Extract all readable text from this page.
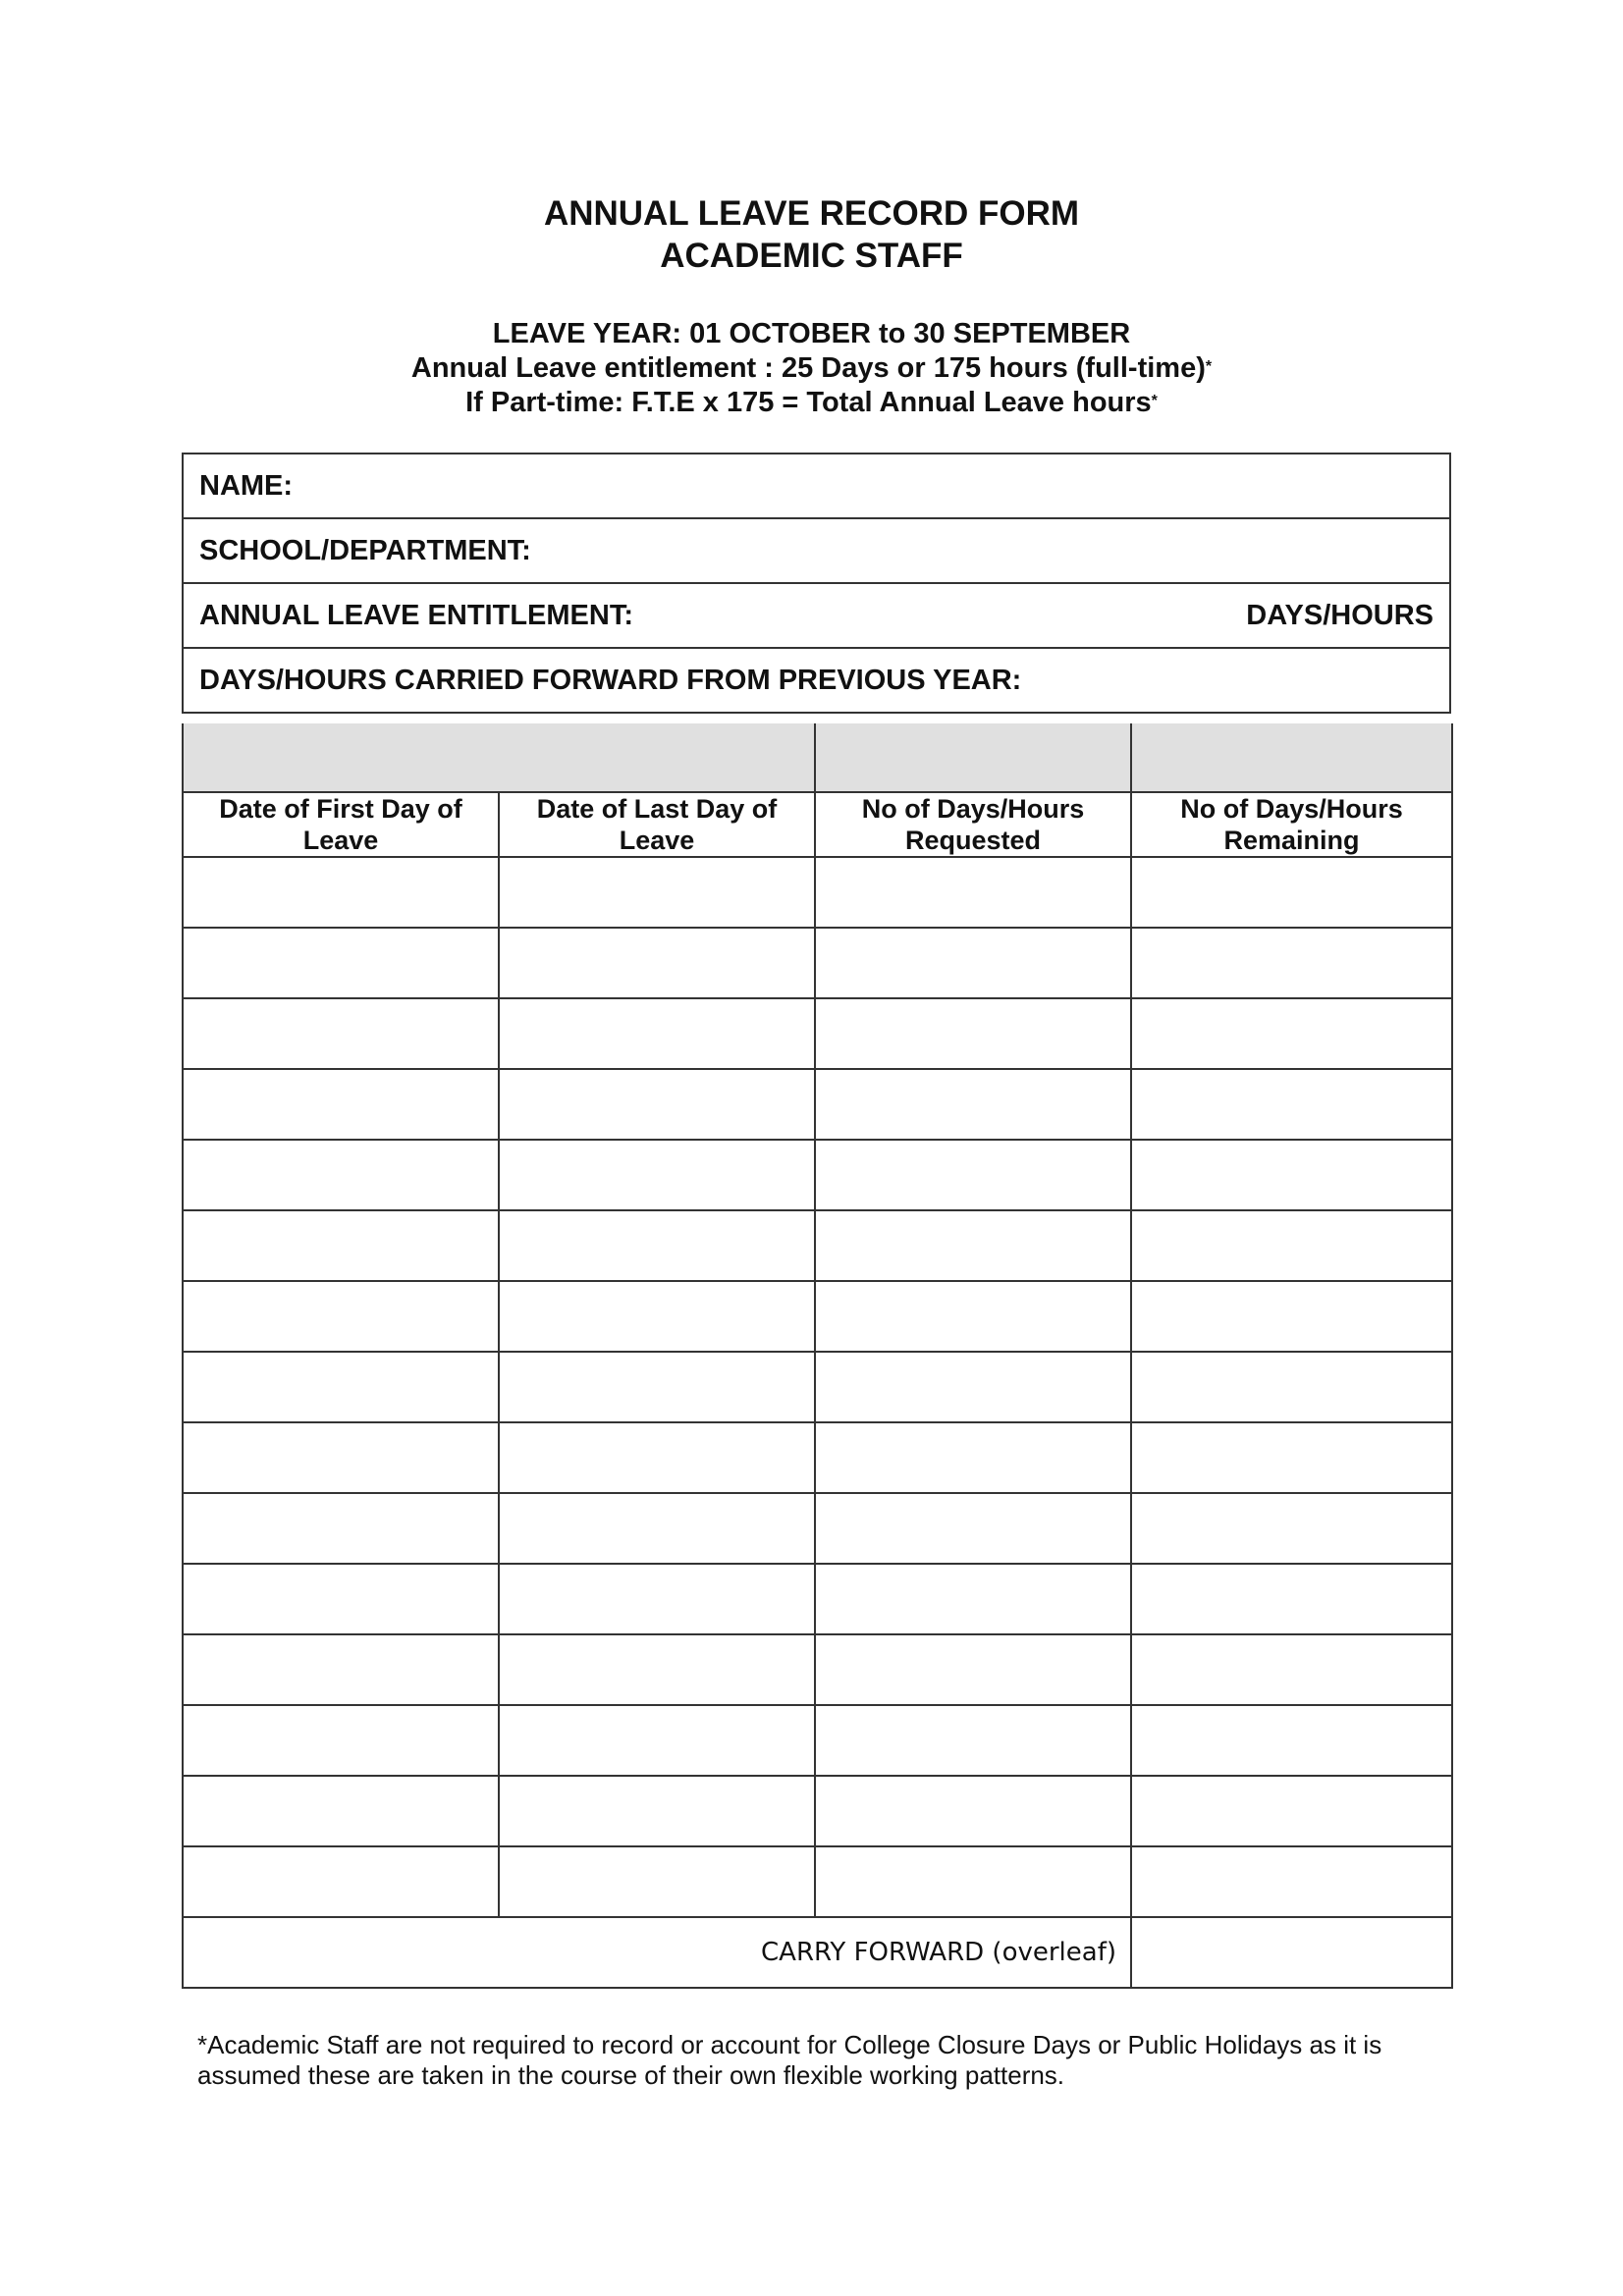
ANNUAL LEAVE RECORD FORM
ACADEMIC STAFF
LEAVE YEAR: 01 OCTOBER to 30 SEPTEMBER
Annual Leave entitlement : 25 Days or 175 hours (full-time)*
If Part-time: F.T.E x 175 = Total Annual Leave hours*
NAME:
SCHOOL/DEPARTMENT:
ANNUAL LEAVE ENTITLEMENT:	DAYS/HOURS

DAYS/HOURS CARRIED FORWARD FROM PREVIOUS YEAR:

Date of First Day of Leave	Date of Last Day of Leave	No of Days/Hours Requested	No of Days/Hours Remaining

CARRY FORWARD (overleaf)			
*Academic Staff are not required to record or account for College Closure Days or Public Holidays as it is assumed these are taken in the course of their own flexible working patterns.
